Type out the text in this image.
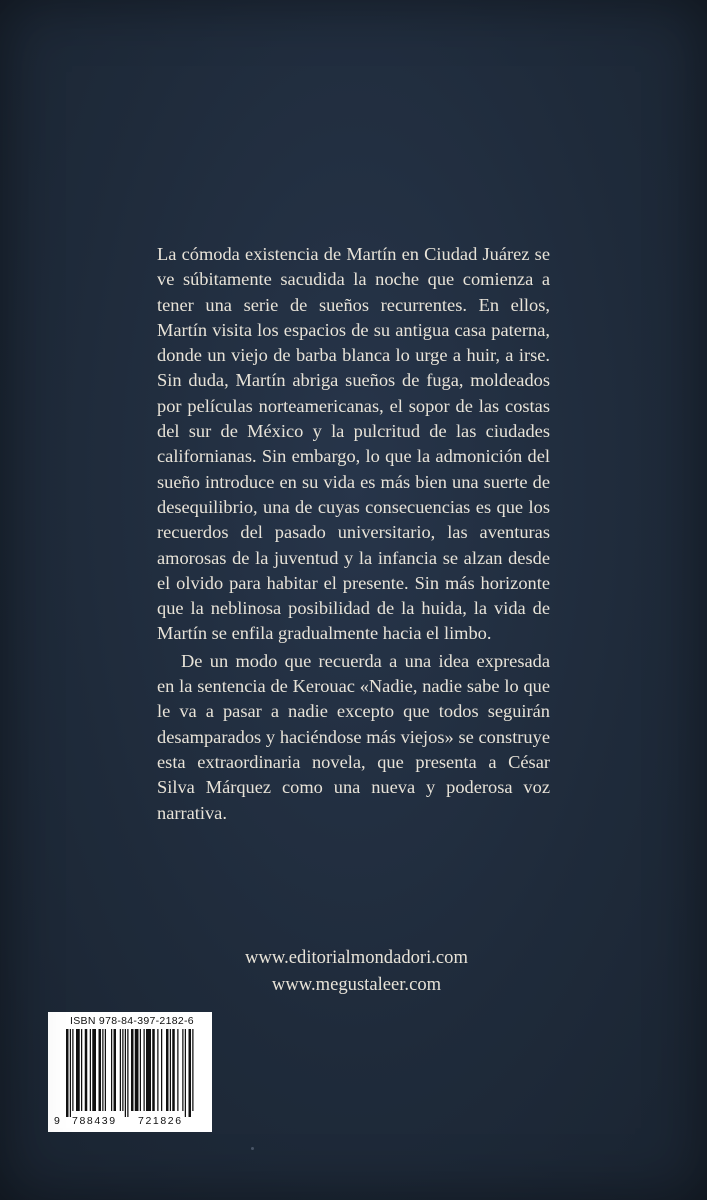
La cómoda existencia de Martín en Ciudad Juárez se ve súbitamente sacudida la noche que comienza a tener una serie de sueños recurrentes. En ellos, Martín visita los espacios de su antigua casa paterna, donde un viejo de barba blanca lo urge a huir, a irse. Sin duda, Martín abriga sueños de fuga, moldeados por películas norteamericanas, el sopor de las costas del sur de México y la pulcritud de las ciudades californianas. Sin embargo, lo que la admonición del sueño introduce en su vida es más bien una suerte de desequilibrio, una de cuyas consecuencias es que los recuerdos del pasado universitario, las aventuras amorosas de la juventud y la infancia se alzan desde el olvido para habitar el presente. Sin más horizonte que la neblinosa posibilidad de la huida, la vida de Martín se enfila gradualmente hacia el limbo.

De un modo que recuerda a una idea expresada en la sentencia de Kerouac «Nadie, nadie sabe lo que le va a pasar a nadie excepto que todos seguirán desamparados y haciéndose más viejos» se construye esta extraordinaria novela, que presenta a César Silva Márquez como una nueva y poderosa voz narrativa.

www.editorialmondadori.com
www.megustaleer.com
ISBN 978-84-397-2182-6
9 788439 721826
